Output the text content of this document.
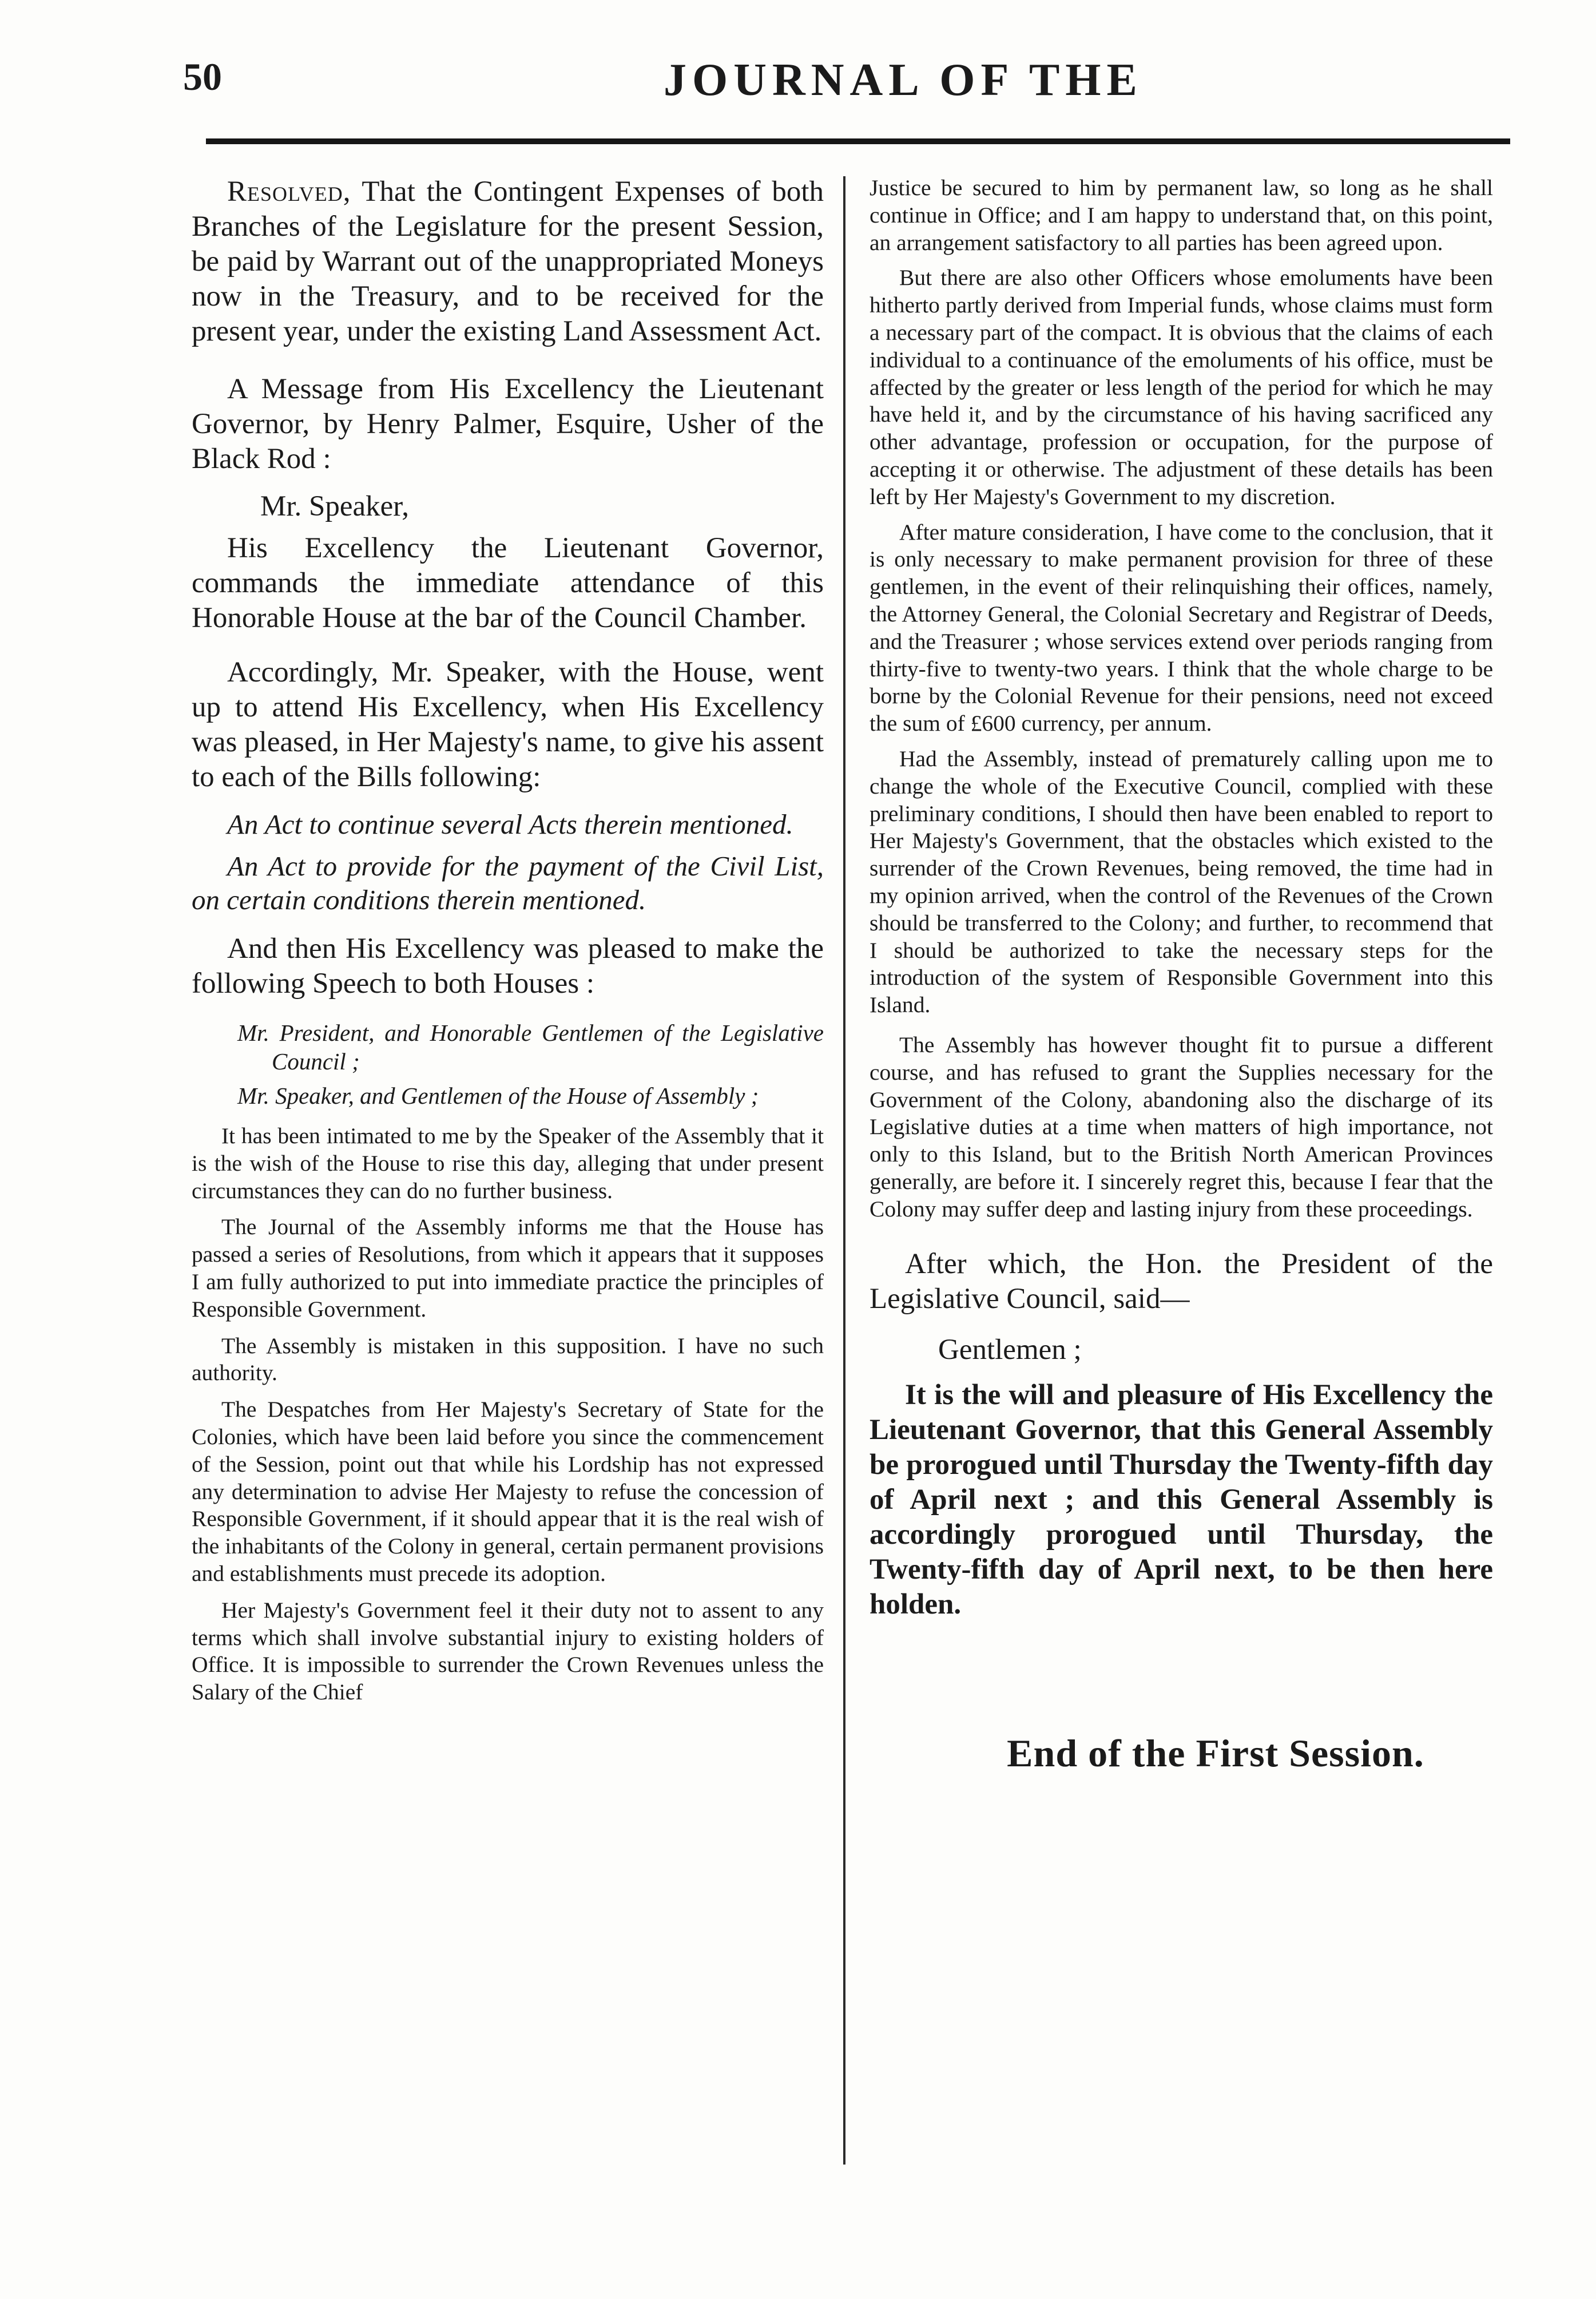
50	JOURNAL OF THE

Resolved, That the Contingent Expenses of both Branches of the Legislature for the present Session, be paid by Warrant out of the unappropriated Moneys now in the Treasury, and to be received for the present year, under the existing Land Assessment Act.

A Message from His Excellency the Lieutenant Governor, by Henry Palmer, Esquire, Usher of the Black Rod :

Mr. Speaker,

His Excellency the Lieutenant Governor, commands the immediate attendance of this Honorable House at the bar of the Council Chamber.

Accordingly, Mr. Speaker, with the House, went up to attend His Excellency, when His Excellency was pleased, in Her Majesty's name, to give his assent to each of the Bills following:

An Act to continue several Acts therein mentioned.

An Act to provide for the payment of the Civil List, on certain conditions therein mentioned.

And then His Excellency was pleased to make the following Speech to both Houses :

Mr. President, and Honorable Gentlemen of the Legislative Council ;

Mr. Speaker, and Gentlemen of the House of Assembly ;

It has been intimated to me by the Speaker of the Assembly that it is the wish of the House to rise this day, alleging that under present circumstances they can do no further business.

The Journal of the Assembly informs me that the House has passed a series of Resolutions, from which it appears that it supposes I am fully authorized to put into immediate practice the principles of Responsible Government.

The Assembly is mistaken in this supposition. I have no such authority.

The Despatches from Her Majesty's Secretary of State for the Colonies, which have been laid before you since the commencement of the Session, point out that while his Lordship has not expressed any determination to advise Her Majesty to refuse the concession of Responsible Government, if it should appear that it is the real wish of the inhabitants of the Colony in general, certain permanent provisions and establishments must precede its adoption.

Her Majesty's Government feel it their duty not to assent to any terms which shall involve substantial injury to existing holders of Office. It is impossible to surrender the Crown Revenues unless the Salary of the Chief

Justice be secured to him by permanent law, so long as he shall continue in Office; and I am happy to understand that, on this point, an arrangement satisfactory to all parties has been agreed upon.

But there are also other Officers whose emoluments have been hitherto partly derived from Imperial funds, whose claims must form a necessary part of the compact. It is obvious that the claims of each individual to a continuance of the emoluments of his office, must be affected by the greater or less length of the period for which he may have held it, and by the circumstance of his having sacrificed any other advantage, profession or occupation, for the purpose of accepting it or otherwise. The adjustment of these details has been left by Her Majesty's Government to my discretion.

After mature consideration, I have come to the conclusion, that it is only necessary to make permanent provision for three of these gentlemen, in the event of their relinquishing their offices, namely, the Attorney General, the Colonial Secretary and Registrar of Deeds, and the Treasurer ; whose services extend over periods ranging from thirty-five to twenty-two years. I think that the whole charge to be borne by the Colonial Revenue for their pensions, need not exceed the sum of £600 currency, per annum.

Had the Assembly, instead of prematurely calling upon me to change the whole of the Executive Council, complied with these preliminary conditions, I should then have been enabled to report to Her Majesty's Government, that the obstacles which existed to the surrender of the Crown Revenues, being removed, the time had in my opinion arrived, when the control of the Revenues of the Crown should be transferred to the Colony; and further, to recommend that I should be authorized to take the necessary steps for the introduction of the system of Responsible Government into this Island.

The Assembly has however thought fit to pursue a different course, and has refused to grant the Supplies necessary for the Government of the Colony, abandoning also the discharge of its Legislative duties at a time when matters of high importance, not only to this Island, but to the British North American Provinces generally, are before it. I sincerely regret this, because I fear that the Colony may suffer deep and lasting injury from these proceedings.

After which, the Hon. the President of the Legislative Council, said—

Gentlemen ;

It is the will and pleasure of His Excellency the Lieutenant Governor, that this General Assembly be prorogued until Thursday the Twenty-fifth day of April next ; and this General Assembly is accordingly prorogued until Thursday, the Twenty-fifth day of April next, to be then here holden.

End of the First Session.
